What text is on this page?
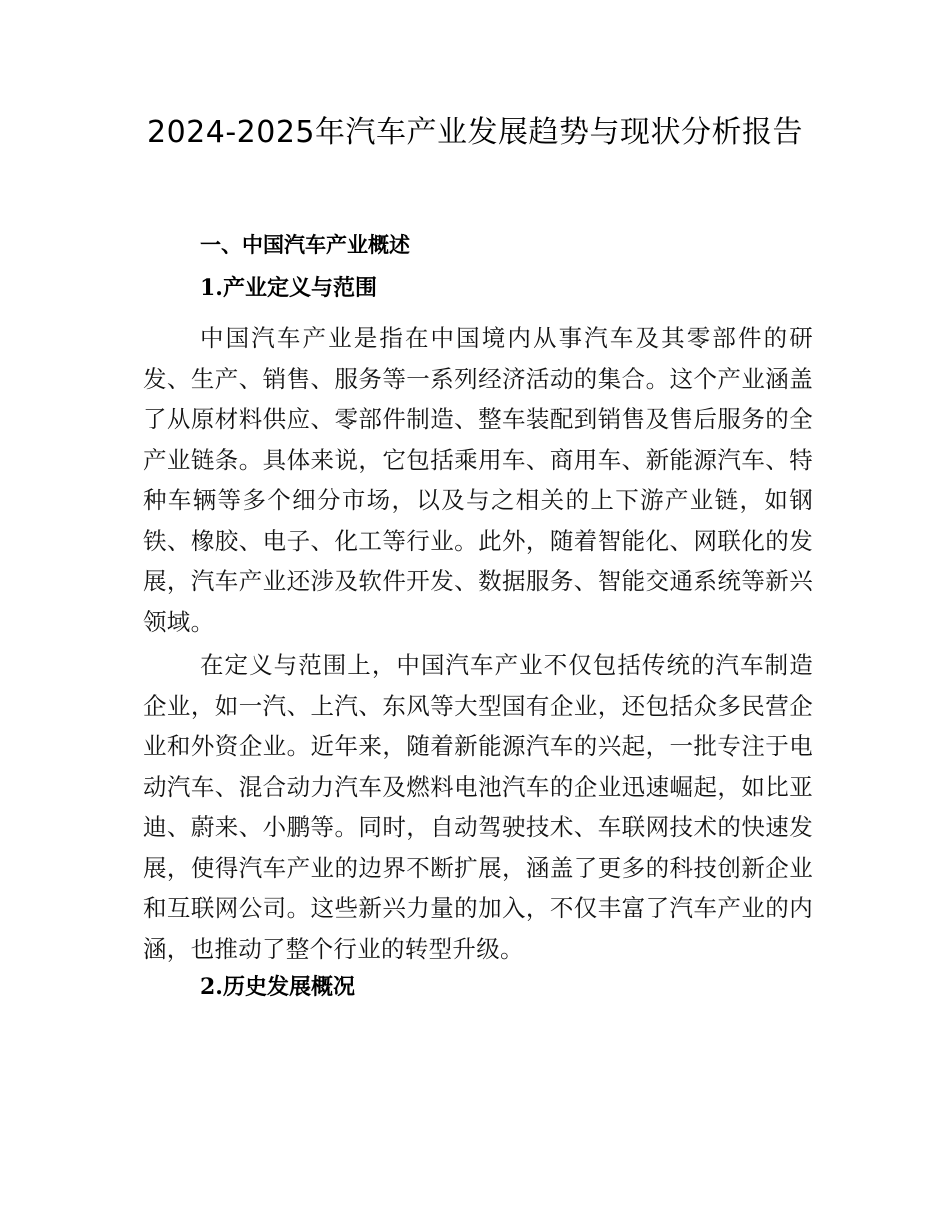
2024-2025年汽车产业发展趋势与现状分析报告
一、中国汽车产业概述
1.产业定义与范围

中国汽车产业是指在中国境内从事汽车及其零部件的研发、生产、销售、服务等一系列经济活动的集合。这个产业涵盖了从原材料供应、零部件制造、整车装配到销售及售后服务的全产业链条。具体来说，它包括乘用车、商用车、新能源汽车、特种车辆等多个细分市场，以及与之相关的上下游产业链，如钢铁、橡胶、电子、化工等行业。此外，随着智能化、网联化的发展，汽车产业还涉及软件开发、数据服务、智能交通系统等新兴领域。

在定义与范围上，中国汽车产业不仅包括传统的汽车制造企业，如一汽、上汽、东风等大型国有企业，还包括众多民营企业和外资企业。近年来，随着新能源汽车的兴起，一批专注于电动汽车、混合动力汽车及燃料电池汽车的企业迅速崛起，如比亚迪、蔚来、小鹏等。同时，自动驾驶技术、车联网技术的快速发展，使得汽车产业的边界不断扩展，涵盖了更多的科技创新企业和互联网公司。这些新兴力量的加入，不仅丰富了汽车产业的内涵，也推动了整个行业的转型升级。

2.历史发展概况
